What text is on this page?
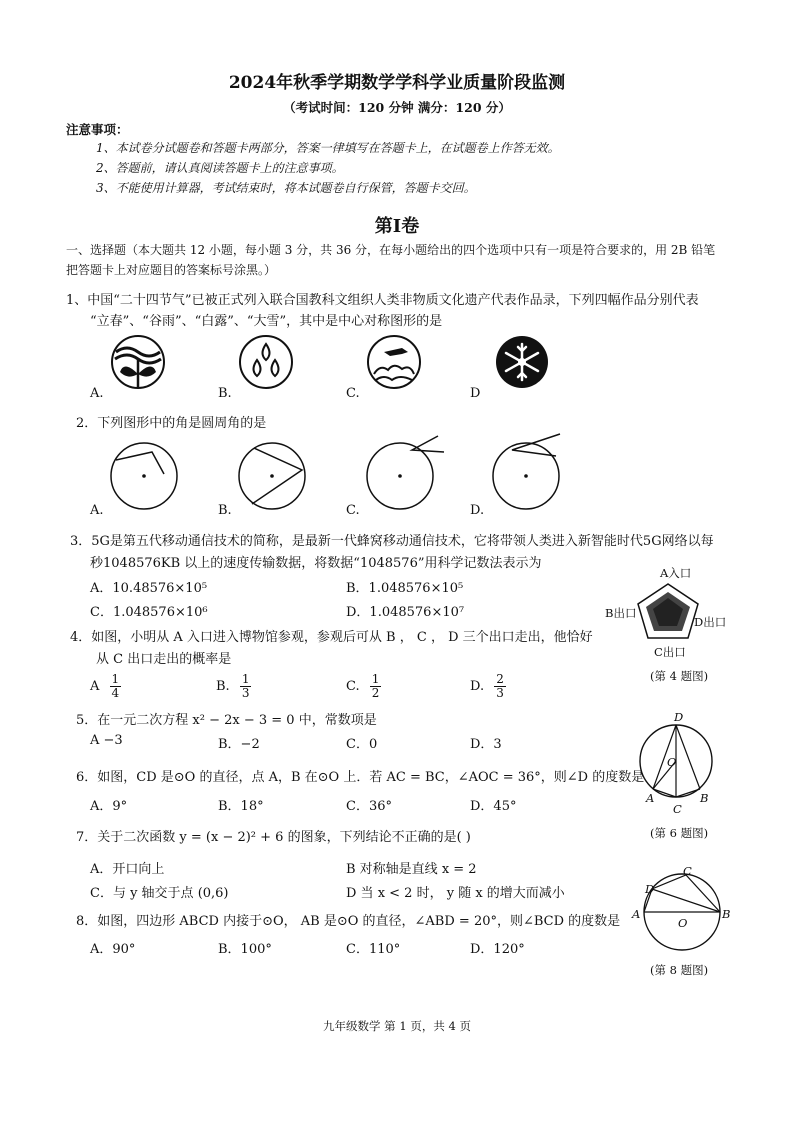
2024年秋季学期数学学科学业质量阶段监测
（考试时间：120 分钟 满分：120 分）
注意事项：
1、本试卷分试题卷和答题卡两部分，答案一律填写在答题卡上，在试题卷上作答无效。
2、答题前，请认真阅读答题卡上的注意事项。
3、不能使用计算器，考试结束时，将本试题卷自行保管，答题卡交回。
第Ⅰ卷
一、选择题（本大题共 12 小题，每小题 3 分，共 36 分，在每小题给出的四个选项中只有一项是符合要求的，用 2B 铅笔把答题卡上对应题目的答案标号涂黑。）
1、中国“二十四节气”已被正式列入联合国教科文组织人类非物质文化遗产代表作品录，下列四幅作品分别代表
“立春”、“谷雨”、“白露”、“大雪”，其中是中心对称图形的是
A.	B.	C.	D
2．下列图形中的角是圆周角的是
A.	B.	C.	D.
3．5G是第五代移动通信技术的简称，是最新一代蜂窝移动通信技术，它将带领人类进入新智能时代5G网络以每
秒1048576KB 以上的速度传输数据，将数据“1048576”用科学记数法表示为
A．10.48576×10⁵	B．1.048576×10⁵
C．1.048576×10⁶	D．1.048576×10⁷
4．如图，小明从 A 入口进入博物馆参观，参观后可从 B ， C ， D 三个出口走出，他恰好
从 C 出口走出的概率是
A $\frac{1}{4}$	B. $\frac{1}{3}$	C. $\frac{1}{2}$	D. $\frac{2}{3}$
A入口
B出口
D出口
C出口
(第 4 题图)
5．在一元二次方程 x² − 2x − 3 = 0 中，常数项是
A −3	B．−2	C．0	D．3
6．如图，CD 是⊙O 的直径，点 A，B 在⊙O 上．若 AC = BC，∠AOC = 36°，则∠D 的度数是
A．9°	B．18°	C．36°	D．45°
D
O
A
C
B
(第 6 题图)
7．关于二次函数 y = (x − 2)² + 6 的图象，下列结论不正确的是( )
A．开口向上	B 对称轴是直线 x = 2
C．与 y 轴交于点 (0,6)	D 当 x < 2 时， y 随 x 的增大而减小
8．如图，四边形 ABCD 内接于⊙O， AB 是⊙O 的直径，∠ABD = 20°，则∠BCD 的度数是
A．90°	B．100°	C．110°	D．120°
C
D
A	B
O
(第 8 题图)
九年级数学 第 1 页，共 4 页
